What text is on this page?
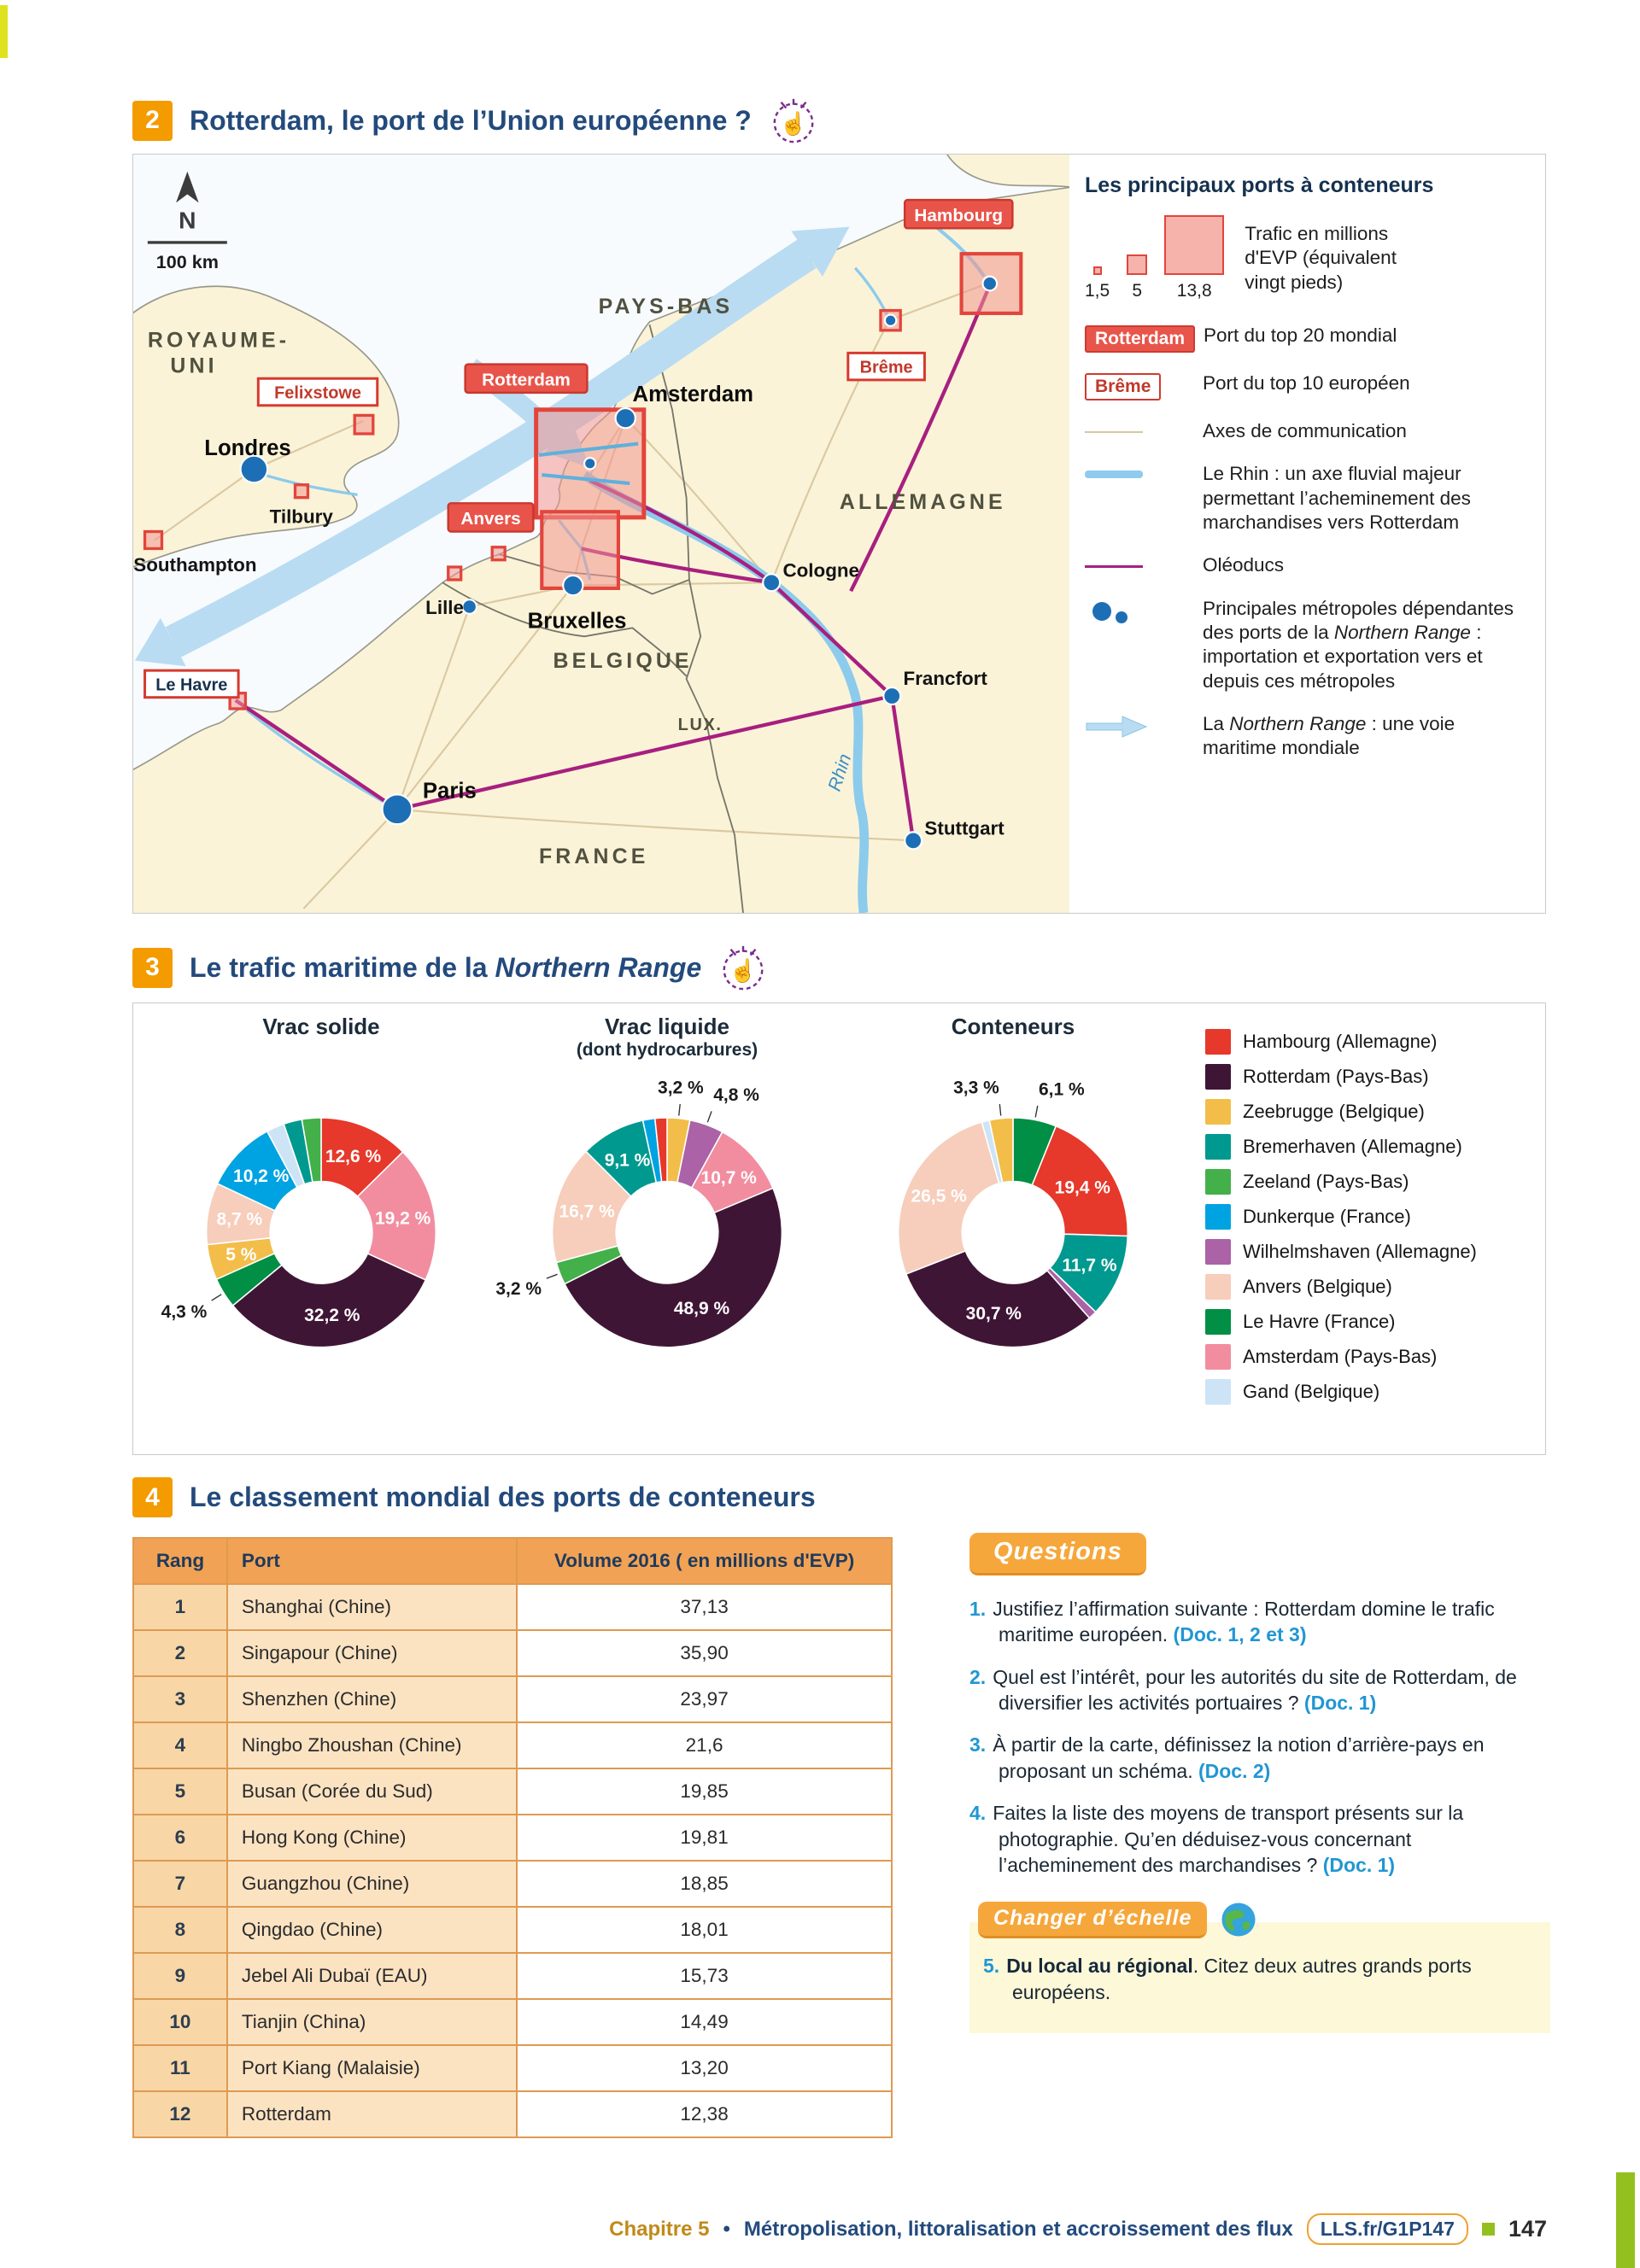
2	Rotterdam, le port de l’Union européenne ? ☝
N
100 km
ROYAUME-
UNI
PAYS-BAS
ALLEMAGNE
BELGIQUE
LUX.
FRANCE
Londres
Tilbury
Southampton
Amsterdam
Lille
Bruxelles
Paris
Cologne
Francfort
Stuttgart
Rhin
Hambourg
Rotterdam
Anvers
Felixstowe
Brême
Le Havre
Les principaux ports à conteneurs
1,5 5 13,8
Trafic en millions d'EVP (équivalent vingt pieds)
Rotterdam Port du top 20 mondial
Brême	Port du top 10 européen
Axes de communication
Le Rhin : un axe fluvial majeur permettant l’acheminement des marchandises vers Rotterdam
Oléoducs
Principales métropoles dépendantes des ports de la Northern Range : importation et exportation vers et depuis ces métropoles
La Northern Range : une voie maritime mondiale
3	Le trafic maritime de la Northern Range ☝
Vrac solide
12,6 %
19,2 %
32,2 %
4,3 %
5 %
8,7 %
10,2 %
Vrac liquide
(dont hydrocarbures)
3,2 % 4,8 %
10,7 %
48,9 %
3,2 %
16,7 %
9,1 %
Conteneurs
6,1 %
19,4 %
11,7 %
30,7 %
26,5 %
3,3 %
Hambourg (Allemagne)
Rotterdam (Pays-Bas)
Zeebrugge (Belgique)
Bremerhaven (Allemagne)
Zeeland (Pays-Bas)
Dunkerque (France)
Wilhelmshaven (Allemagne)
Anvers (Belgique)
Le Havre (France)
Amsterdam (Pays-Bas)
Gand (Belgique)
4	Le classement mondial des ports de conteneurs
Rang	Port	Volume 2016 ( en millions d'EVP)
1	Shanghai (Chine)	37,13
2	Singapour (Chine)	35,90
3	Shenzhen (Chine)	23,97
4	Ningbo Zhoushan (Chine)	21,6
5	Busan (Corée du Sud)	19,85
6	Hong Kong (Chine)	19,81
7	Guangzhou (Chine)	18,85
8	Qingdao (Chine)	18,01
9	Jebel Ali Dubaï (EAU)	15,73
10	Tianjin (China)	14,49
11	Port Kiang (Malaisie)	13,20
12	Rotterdam	12,38
Questions
1. Justifiez l’affirmation suivante : Rotterdam domine le trafic maritime européen. (Doc. 1, 2 et 3)
2. Quel est l’intérêt, pour les autorités du site de Rotterdam, de diversifier les activités portuaires ? (Doc. 1)
3. À partir de la carte, définissez la notion d’arrière-pays en proposant un schéma. (Doc. 2)
4. Faites la liste des moyens de transport présents sur la photographie. Qu’en déduisez-vous concernant l’acheminement des marchandises ? (Doc. 1)
Changer d’échelle
5. Du local au régional. Citez deux autres grands ports européens.
Chapitre 5 • Métropolisation, littoralisation et accroissement des flux	LLS.fr/G1P147	147
